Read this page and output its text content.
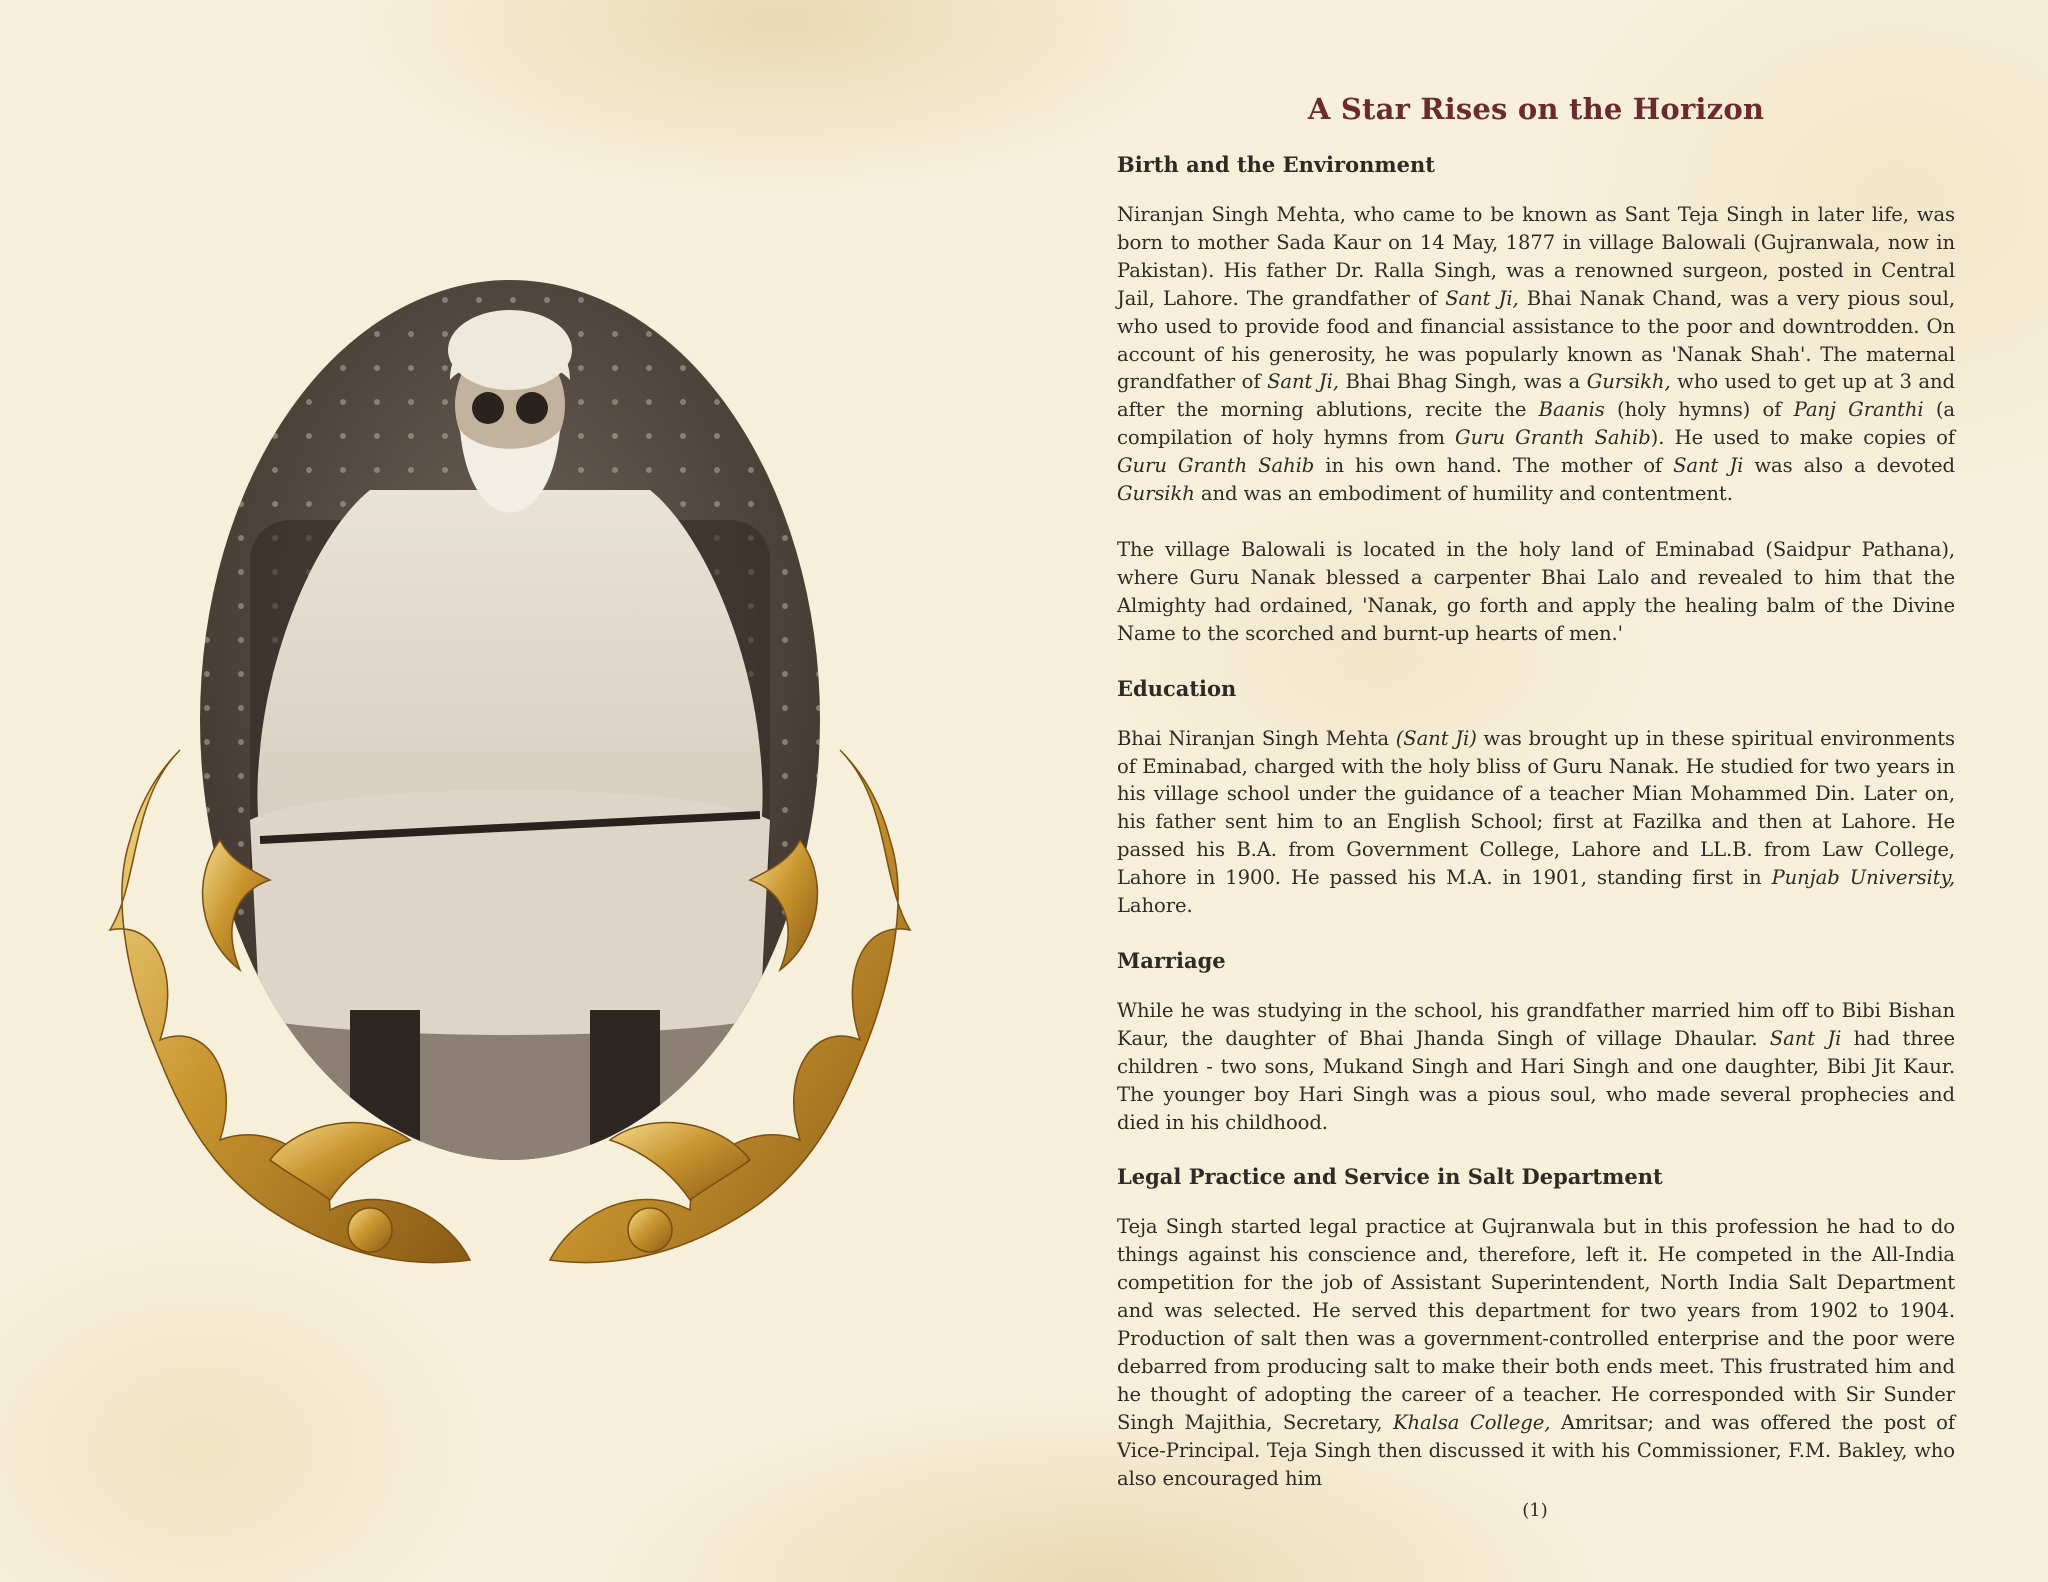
A Star Rises on the Horizon
Birth and the Environment

Niranjan Singh Mehta, who came to be known as Sant Teja Singh in later life, was born to mother Sada Kaur on 14 May, 1877 in village Balowali (Gujranwala, now in Pakistan). His father Dr. Ralla Singh, was a renowned surgeon, posted in Central Jail, Lahore. The grandfather of Sant Ji, Bhai Nanak Chand, was a very pious soul, who used to provide food and financial assistance to the poor and downtrodden. On account of his generosity, he was popularly known as 'Nanak Shah'. The maternal grandfather of Sant Ji, Bhai Bhag Singh, was a Gursikh, who used to get up at 3 and after the morning ablutions, recite the Baanis (holy hymns) of Panj Granthi (a compilation of holy hymns from Guru Granth Sahib). He used to make copies of Guru Granth Sahib in his own hand. The mother of Sant Ji was also a devoted Gursikh and was an embodiment of humility and contentment.

The village Balowali is located in the holy land of Eminabad (Saidpur Pathana), where Guru Nanak blessed a carpenter Bhai Lalo and revealed to him that the Almighty had ordained, 'Nanak, go forth and apply the healing balm of the Divine Name to the scorched and burnt-up hearts of men.'

Education

Bhai Niranjan Singh Mehta (Sant Ji) was brought up in these spiritual environments of Eminabad, charged with the holy bliss of Guru Nanak. He studied for two years in his village school under the guidance of a teacher Mian Mohammed Din. Later on, his father sent him to an English School; first at Fazilka and then at Lahore. He passed his B.A. from Government College, Lahore and LL.B. from Law College, Lahore in 1900. He passed his M.A. in 1901, standing first in Punjab University, Lahore.

Marriage

While he was studying in the school, his grandfather married him off to Bibi Bishan Kaur, the daughter of Bhai Jhanda Singh of village Dhaular. Sant Ji had three children - two sons, Mukand Singh and Hari Singh and one daughter, Bibi Jit Kaur. The younger boy Hari Singh was a pious soul, who made several prophecies and died in his childhood.

Legal Practice and Service in Salt Department

Teja Singh started legal practice at Gujranwala but in this profession he had to do things against his conscience and, therefore, left it. He competed in the All-India competition for the job of Assistant Superintendent, North India Salt Department and was selected. He served this department for two years from 1902 to 1904. Production of salt then was a government-controlled enterprise and the poor were debarred from producing salt to make their both ends meet. This frustrated him and he thought of adopting the career of a teacher. He corresponded with Sir Sunder Singh Majithia, Secretary, Khalsa College, Amritsar; and was offered the post of Vice-Principal. Teja Singh then discussed it with his Commissioner, F.M. Bakley, who also encouraged him

(1)
